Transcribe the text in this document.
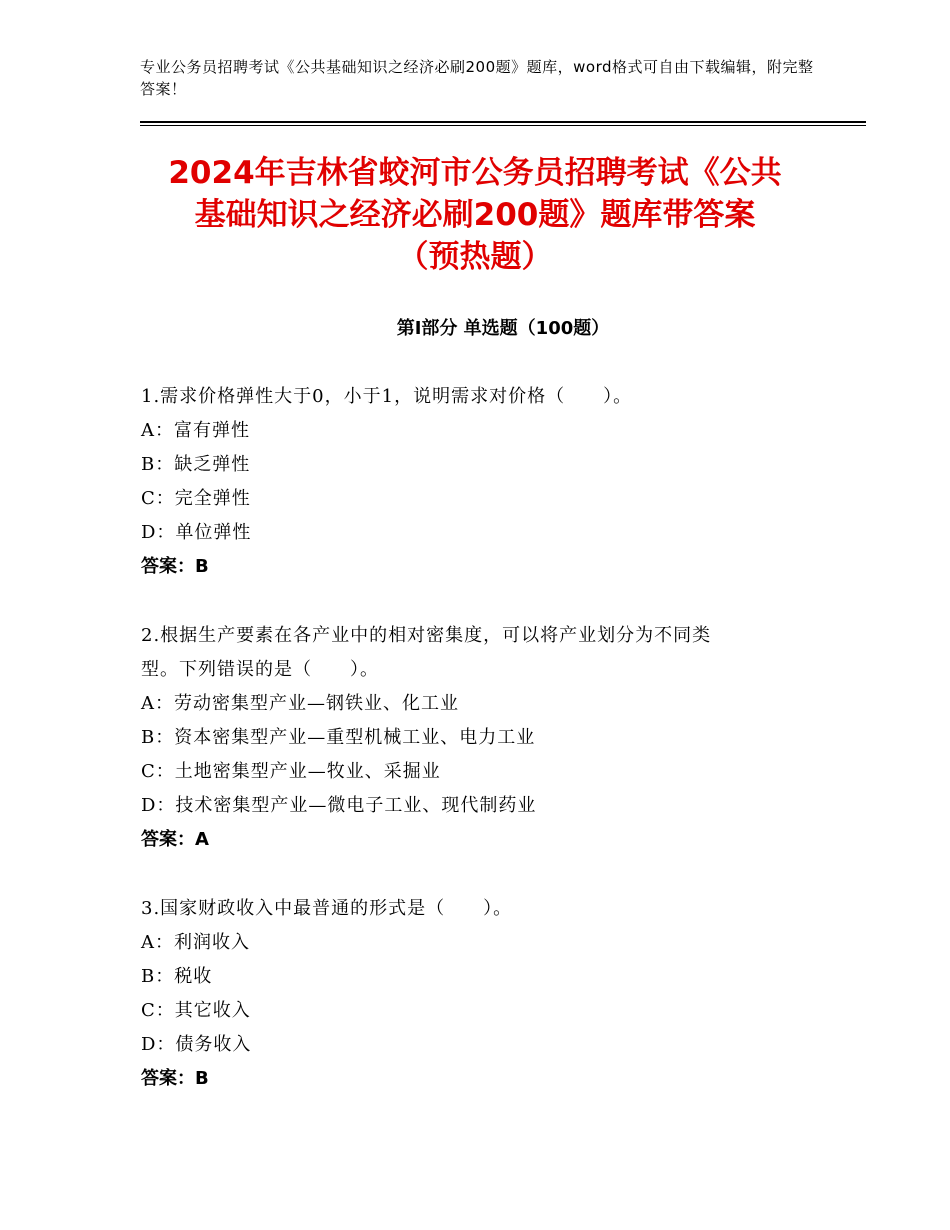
专业公务员招聘考试《公共基础知识之经济必刷200题》题库，word格式可自由下载编辑，附完整答案！
2024年吉林省蛟河市公务员招聘考试《公共
基础知识之经济必刷200题》题库带答案
（预热题）
第Ⅰ部分 单选题（100题）
1.需求价格弹性大于0，小于1，说明需求对价格（　　）。
A：富有弹性
B：缺乏弹性
C：完全弹性
D：单位弹性
答案：B
2.根据生产要素在各产业中的相对密集度，可以将产业划分为不同类
型。下列错误的是（　　）。
A：劳动密集型产业—钢铁业、化工业
B：资本密集型产业—重型机械工业、电力工业
C：土地密集型产业—牧业、采掘业
D：技术密集型产业—微电子工业、现代制药业
答案：A
3.国家财政收入中最普通的形式是（　　）。
A：利润收入
B：税收
C：其它收入
D：债务收入
答案：B
